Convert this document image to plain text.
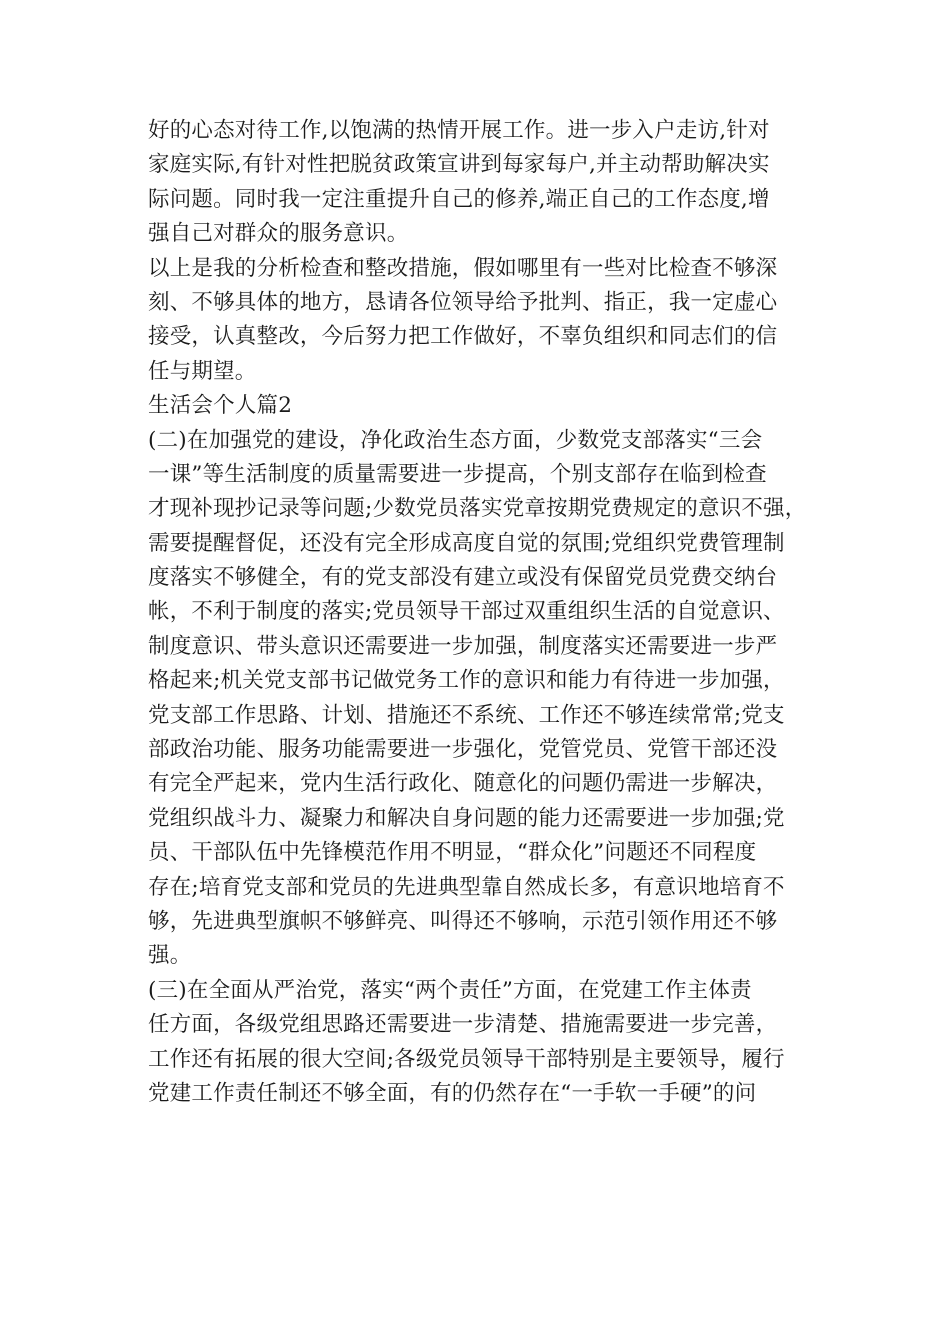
好的心态对待工作,以饱满的热情开展工作。进一步入户走访,针对
家庭实际,有针对性把脱贫政策宣讲到每家每户,并主动帮助解决实
际问题。同时我一定注重提升自己的修养,端正自己的工作态度,增
强自己对群众的服务意识。
以上是我的分析检查和整改措施，假如哪里有一些对比检查不够深
刻、不够具体的地方，恳请各位领导给予批判、指正，我一定虚心
接受，认真整改，今后努力把工作做好，不辜负组织和同志们的信
任与期望。
生活会个人篇2
(二)在加强党的建设，净化政治生态方面，少数党支部落实“三会
一课”等生活制度的质量需要进一步提高，个别支部存在临到检查
才现补现抄记录等问题;少数党员落实党章按期党费规定的意识不强，
需要提醒督促，还没有完全形成高度自觉的氛围;党组织党费管理制
度落实不够健全，有的党支部没有建立或没有保留党员党费交纳台
帐，不利于制度的落实;党员领导干部过双重组织生活的自觉意识、
制度意识、带头意识还需要进一步加强，制度落实还需要进一步严
格起来;机关党支部书记做党务工作的意识和能力有待进一步加强，
党支部工作思路、计划、措施还不系统、工作还不够连续常常;党支
部政治功能、服务功能需要进一步强化，党管党员、党管干部还没
有完全严起来，党内生活行政化、随意化的问题仍需进一步解决，
党组织战斗力、凝聚力和解决自身问题的能力还需要进一步加强;党
员、干部队伍中先锋模范作用不明显，“群众化”问题还不同程度
存在;培育党支部和党员的先进典型靠自然成长多，有意识地培育不
够，先进典型旗帜不够鲜亮、叫得还不够响，示范引领作用还不够
强。
(三)在全面从严治党，落实“两个责任”方面，在党建工作主体责
任方面，各级党组思路还需要进一步清楚、措施需要进一步完善，
工作还有拓展的很大空间;各级党员领导干部特别是主要领导，履行
党建工作责任制还不够全面，有的仍然存在“一手软一手硬”的问
